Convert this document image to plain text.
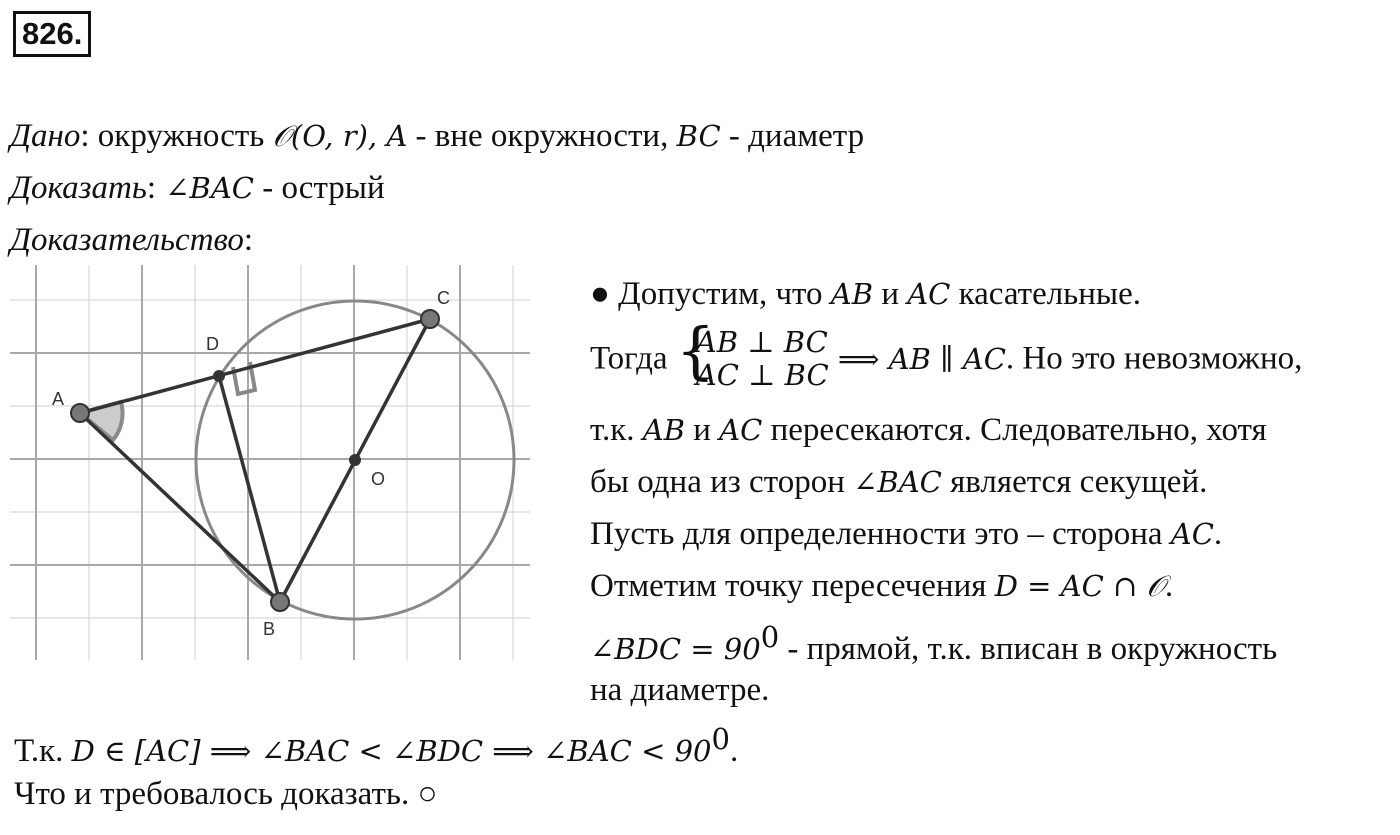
826.
Дано: окружность 𝒪(O, r), A - вне окружности, BC - диаметр
Доказать: ∠BAC - острый
Доказательство:
A
B
C
D
O
● Допустим, что AB и AC касательные.
Тогда {
AB ⊥ BC
AC ⊥ BC ⟹ AB ∥ AC. Но это невозможно,
т.к. AB и AC пересекаются. Следовательно, хотя
бы одна из сторон ∠BAC является секущей.
Пусть для определенности это – сторона AC.
Отметим точку пересечения D = AC ∩ 𝒪.
∠BDC = $90^0$ - прямой, т.к. вписан в окружность
на диаметре.
Т.к. D ∈ [AC] ⟹ ∠BAC < ∠BDC ⟹ ∠BAC < $90^0$.
Что и требовалось доказать. ○
